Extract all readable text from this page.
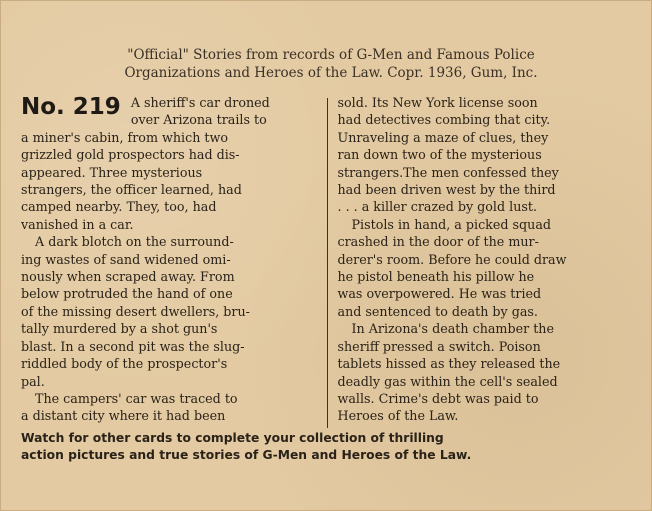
"Official" Stories from records of G-Men and Famous Police
Organizations and Heroes of the Law. Copr. 1936, Gum, Inc.
No. 219 A sheriff's car droned
over Arizona trails to
a miner's cabin, from which two
grizzled gold prospectors had dis-
appeared. Three mysterious
strangers, the officer learned, had
camped nearby. They, too, had
vanished in a car.
A dark blotch on the surround-
ing wastes of sand widened omi-
nously when scraped away. From
below protruded the hand of one
of the missing desert dwellers, bru-
tally murdered by a shot gun's
blast. In a second pit was the slug-
riddled body of the prospector's
pal.
The campers' car was traced to
a distant city where it had been
sold. Its New York license soon
had detectives combing that city.
Unraveling a maze of clues, they
ran down two of the mysterious
strangers.The men confessed they
had been driven west by the third
. . . a killer crazed by gold lust.
Pistols in hand, a picked squad
crashed in the door of the mur-
derer's room. Before he could draw
he pistol beneath his pillow he
was overpowered. He was tried
and sentenced to death by gas.
In Arizona's death chamber the
sheriff pressed a switch. Poison
tablets hissed as they released the
deadly gas within the cell's sealed
walls. Crime's debt was paid to
Heroes of the Law.
Watch for other cards to complete your collection of thrilling
action pictures and true stories of G-Men and Heroes of the Law.
